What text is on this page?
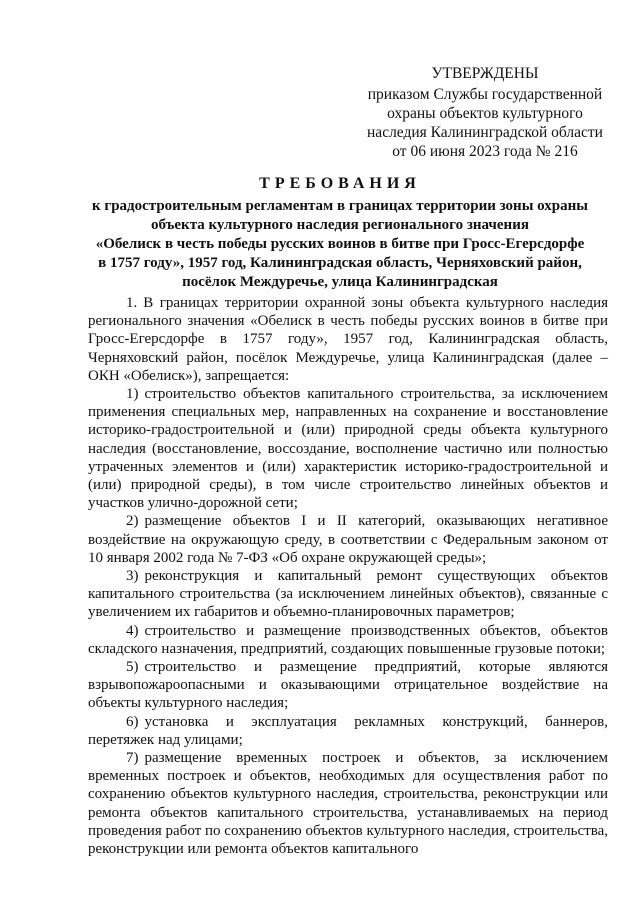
УТВЕРЖДЕНЫ
приказом Службы государственной
охраны объектов культурного
наследия Калининградской области
от 06 июня 2023 года № 216
ТРЕБОВАНИЯ
к градостроительным регламентам в границах территории зоны охраны
объекта культурного наследия регионального значения
«Обелиск в честь победы русских воинов в битве при Гросс-Егерсдорфе
в 1757 году», 1957 год, Калининградская область, Черняховский район,
посёлок Междуречье, улица Калининградская

1. В границах территории охранной зоны объекта культурного наследия регионального значения «Обелиск в честь победы русских воинов в битве при Гросс-Егерсдорфе в 1757 году», 1957 год, Калининградская область, Черняховский район, посёлок Междуречье, улица Калининградская (далее – ОКН «Обелиск»), запрещается:

1) строительство объектов капитального строительства, за исключением применения специальных мер, направленных на сохранение и восстановление историко-градостроительной и (или) природной среды объекта культурного наследия (восстановление, воссоздание, восполнение частично или полностью утраченных элементов и (или) характеристик историко-градостроительной и (или) природной среды), в том числе строительство линейных объектов и участков улично-дорожной сети;

2) размещение объектов I и II категорий, оказывающих негативное воздействие на окружающую среду, в соответствии с Федеральным законом от 10 января 2002 года № 7-ФЗ «Об охране окружающей среды»;

3) реконструкция и капитальный ремонт существующих объектов капитального строительства (за исключением линейных объектов), связанные с увеличением их габаритов и объемно-планировочных параметров;

4) строительство и размещение производственных объектов, объектов складского назначения, предприятий, создающих повышенные грузовые потоки;

5) строительство и размещение предприятий, которые являются взрывопожароопасными и оказывающими отрицательное воздействие на объекты культурного наследия;

6) установка и эксплуатация рекламных конструкций, баннеров, перетяжек над улицами;

7) размещение временных построек и объектов, за исключением временных построек и объектов, необходимых для осуществления работ по сохранению объектов культурного наследия, строительства, реконструкции или ремонта объектов капитального строительства, устанавливаемых на период проведения работ по сохранению объектов культурного наследия, строительства, реконструкции или ремонта объектов капитального
